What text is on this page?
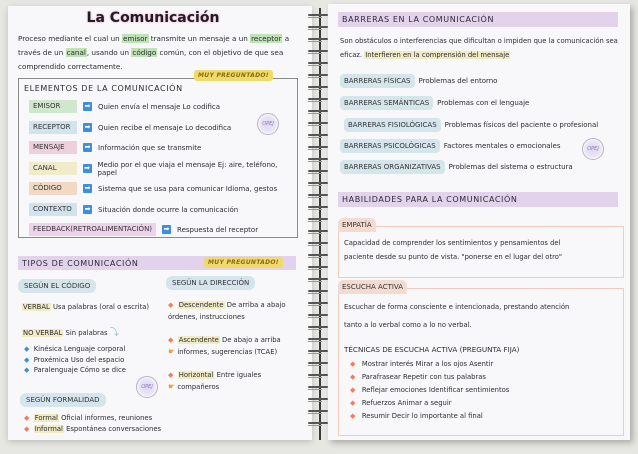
La Comunicación
Proceso mediante el cual un emisor transmite un mensaje a un receptor a través de un canal, usando un código común, con el objetivo de que sea comprendido correctamente.
ELEMENTOS DE LA COMUNICACIÓN
EMISOR	➡ Quien envía el mensaje Lo codifica
RECEPTOR	➡ Quien recibe el mensaje Lo decodifica
MENSAJE	➡ Información que se transmite
CANAL	➡ Medio por el que viaja el mensaje Ej: aire, teléfono, papel
CÓDIGO	➡ Sistema que se usa para comunicar Idioma, gestos
CONTEXTO	➡ Situación donde ocurre la comunicación
FEEDBACK(RETROALIMENTACIÓN)	➡ Respuesta del receptor
OPEJ
MUY PREGUNTADO!
TIPOS DE COMUNICACIÓN	MUY PREGUNTADO!
SEGÚN EL CÓDIGO
VERBAL Usa palabras (oral o escrita)
NO VERBAL Sin palabras ⤵
◆ Kinésica Lenguaje corporal
◆ Proxémica Uso del espacio
◆ Paralenguaje Cómo se dice
OPEJ
SEGÚN FORMALIDAD
◆ Formal Oficial informes, reuniones
◆ Informal Espontánea conversaciones
SEGÚN LA DIRECCIÓN
◆ Descendente De arriba a abajo
órdenes, instrucciones
◆ Ascendente De abajo a arriba
☛ informes, sugerencias (TCAE)
◆ Horizontal Entre iguales
☛ compañeros
BARRERAS EN LA COMUNICACIÓN
Son obstáculos o interferencias que dificultan o impiden que la comunicación sea eficaz. Interfieren en la comprensión del mensaje
BARRERAS FÍSICAS	Problemas del entorno
BARRERAS SEMÁNTICAS	Problemas con el lenguaje
BARRERAS FISIOLÓGICAS	Problemas físicos del paciente o profesional
BARRERAS PSICOLÓGICAS	Factores mentales o emocionales
BARRERAS ORGANIZATIVAS	Problemas del sistema o estructura
OPEJ
HABILIDADES PARA LA COMUNICACIÓN
EMPATÍA
Capacidad de comprender los sentimientos y pensamientos del
paciente desde su punto de vista. "ponerse en el lugar del otro"
ESCUCHA ACTIVA
Escuchar de forma consciente e intencionada, prestando atención
tanto a lo verbal como a lo no verbal.
TÉCNICAS DE ESCUCHA ACTIVA (PREGUNTA FIJA)
◆ Mostrar interés Mirar a los ojos Asentir
◆ Parafrasear Repetir con tus palabras
◆ Reflejar emociones Identificar sentimientos
◆ Refuerzos Animar a seguir
◆ Resumir Decir lo importante al final
